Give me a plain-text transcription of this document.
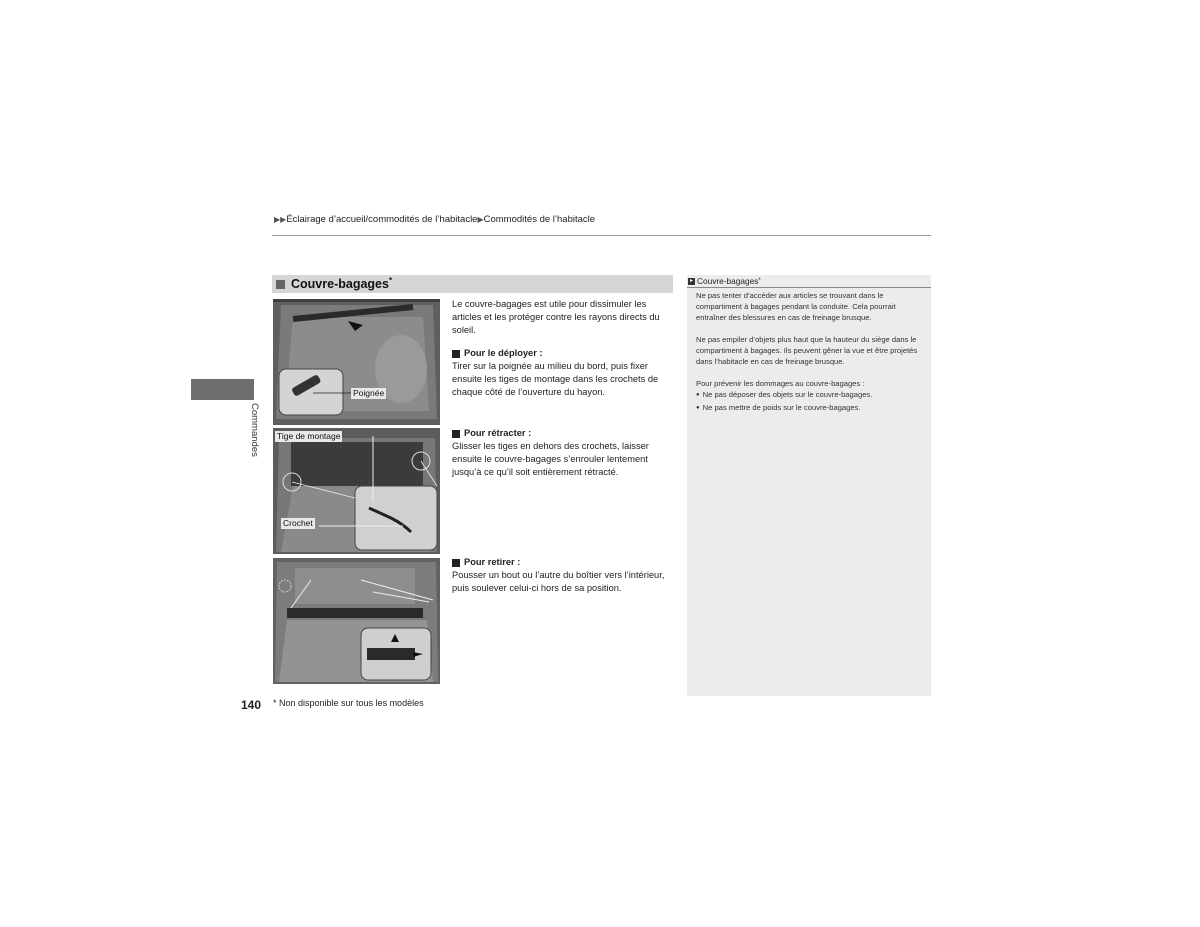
▶▶Éclairage d’accueil/commodités de l’habitacle▶Commodités de l’habitacle
Commandes
Couvre-bagages*
Poignée
Tige de montage
Crochet
Le couvre-bagages est utile pour dissimuler les articles et les protéger contre les rayons directs du soleil.
Pour le déployer :
Tirer sur la poignée au milieu du bord, puis fixer ensuite les tiges de montage dans les crochets de chaque côté de l’ouverture du hayon.
Pour rétracter :
Glisser les tiges en dehors des crochets, laisser ensuite le couvre-bagages s’enrouler lentement jusqu’à ce qu’il soit entièrement rétracté.
Pour retirer :
Pousser un bout ou l’autre du boîtier vers l’intérieur, puis soulever celui-ci hors de sa position.
▸ Couvre-bagages *
Ne pas tenter d’accéder aux articles se trouvant dans le compartiment à bagages pendant la conduite. Cela pourrait entraîner des blessures en cas de freinage brusque.
Ne pas empiler d’objets plus haut que la hauteur du siège dans le compartiment à bagages. Ils peuvent gêner la vue et être projetés dans l’habitacle en cas de freinage brusque.
Pour prévenir les dommages au couvre-bagages :
● Ne pas déposer des objets sur le couvre-bagages.
● Ne pas mettre de poids sur le couvre-bagages.
140 * Non disponible sur tous les modèles
